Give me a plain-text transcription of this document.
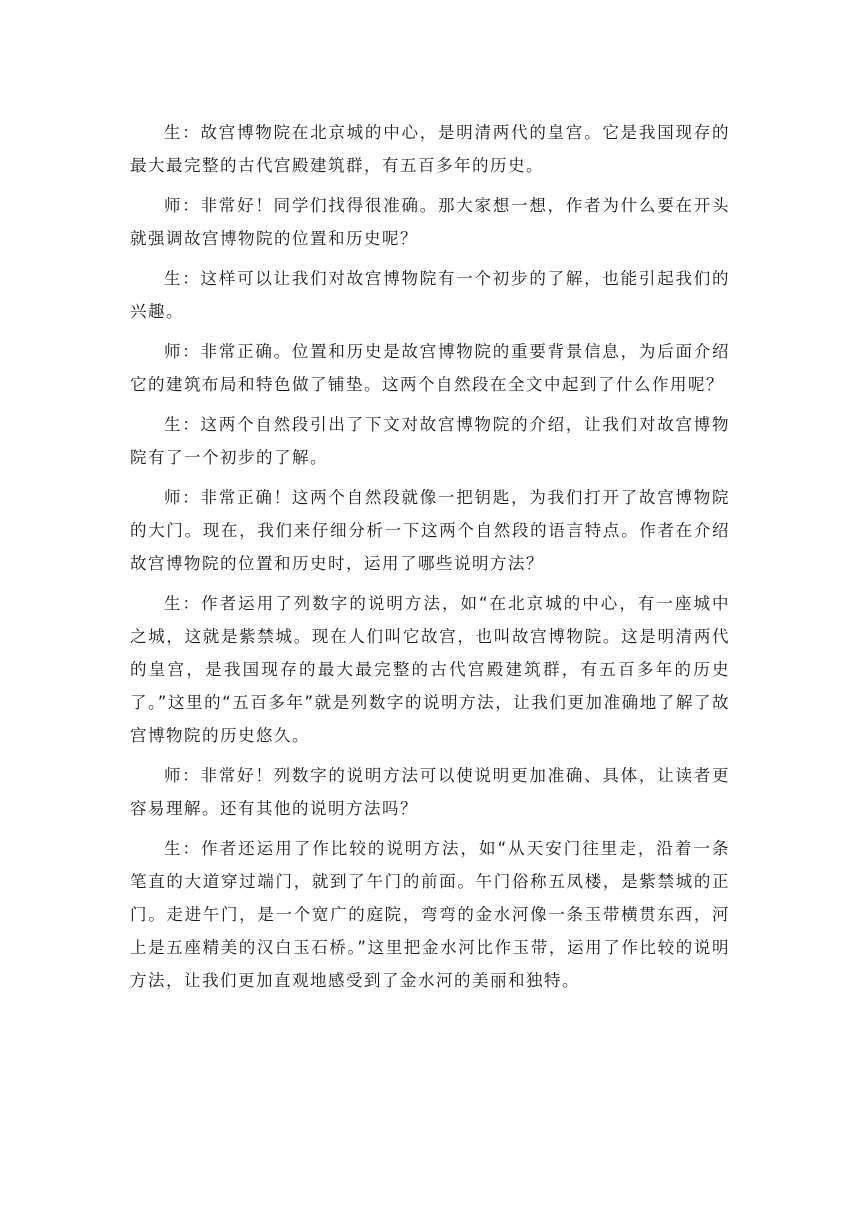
生：故宫博物院在北京城的中心，是明清两代的皇宫。它是我国现存的最大最完整的古代宫殿建筑群，有五百多年的历史。

师：非常好！同学们找得很准确。那大家想一想，作者为什么要在开头就强调故宫博物院的位置和历史呢？

生：这样可以让我们对故宫博物院有一个初步的了解，也能引起我们的兴趣。

师：非常正确。位置和历史是故宫博物院的重要背景信息，为后面介绍它的建筑布局和特色做了铺垫。这两个自然段在全文中起到了什么作用呢？

生：这两个自然段引出了下文对故宫博物院的介绍，让我们对故宫博物院有了一个初步的了解。

师：非常正确！这两个自然段就像一把钥匙，为我们打开了故宫博物院的大门。现在，我们来仔细分析一下这两个自然段的语言特点。作者在介绍故宫博物院的位置和历史时，运用了哪些说明方法？

生：作者运用了列数字的说明方法，如“在北京城的中心，有一座城中之城，这就是紫禁城。现在人们叫它故宫，也叫故宫博物院。这是明清两代的皇宫，是我国现存的最大最完整的古代宫殿建筑群，有五百多年的历史了。”这里的“五百多年”就是列数字的说明方法，让我们更加准确地了解了故宫博物院的历史悠久。

师：非常好！列数字的说明方法可以使说明更加准确、具体，让读者更容易理解。还有其他的说明方法吗？

生：作者还运用了作比较的说明方法，如“从天安门往里走，沿着一条笔直的大道穿过端门，就到了午门的前面。午门俗称五凤楼，是紫禁城的正门。走进午门，是一个宽广的庭院，弯弯的金水河像一条玉带横贯东西，河上是五座精美的汉白玉石桥。”这里把金水河比作玉带，运用了作比较的说明方法，让我们更加直观地感受到了金水河的美丽和独特。
